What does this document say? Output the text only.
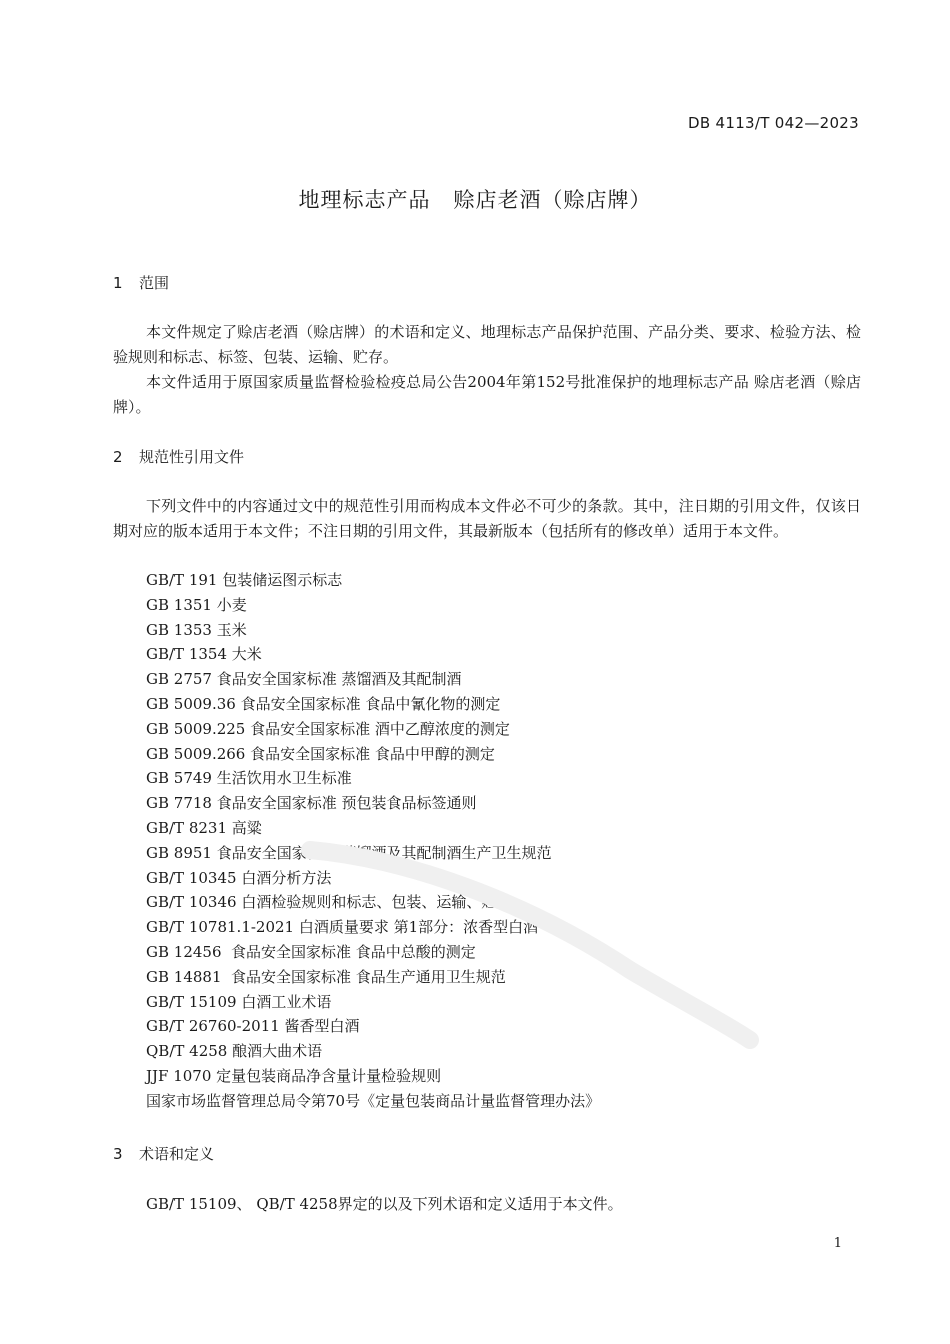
DB 4113/T 042—2023
地理标志产品   赊店老酒（赊店牌）
1 范围

本文件规定了赊店老酒（赊店牌）的术语和定义、地理标志产品保护范围、产品分类、要求、检验方法、检验规则和标志、标签、包装、运输、贮存。

本文件适用于原国家质量监督检验检疫总局公告2004年第152号批准保护的地理标志产品 赊店老酒（赊店牌）。

2 规范性引用文件

下列文件中的内容通过文中的规范性引用而构成本文件必不可少的条款。其中，注日期的引用文件，仅该日期对应的版本适用于本文件；不注日期的引用文件，其最新版本（包括所有的修改单）适用于本文件。

GB/T 191 包装储运图示标志
GB 1351 小麦
GB 1353 玉米
GB/T 1354 大米
GB 2757 食品安全国家标准 蒸馏酒及其配制酒
GB 5009.36 食品安全国家标准 食品中氰化物的测定
GB 5009.225 食品安全国家标准 酒中乙醇浓度的测定
GB 5009.266 食品安全国家标准 食品中甲醇的测定
GB 5749 生活饮用水卫生标准
GB 7718 食品安全国家标准 预包装食品标签通则
GB/T 8231 高粱
GB 8951 食品安全国家标准 蒸馏酒及其配制酒生产卫生规范
GB/T 10345 白酒分析方法
GB/T 10346 白酒检验规则和标志、包装、运输、贮存
GB/T 10781.1-2021 白酒质量要求 第1部分：浓香型白酒
GB 12456  食品安全国家标准 食品中总酸的测定
GB 14881  食品安全国家标准 食品生产通用卫生规范
GB/T 15109 白酒工业术语
GB/T 26760-2011 酱香型白酒
QB/T 4258 酿酒大曲术语
JJF 1070 定量包装商品净含量计量检验规则
国家市场监督管理总局令第70号《定量包装商品计量监督管理办法》
3 术语和定义

GB/T 15109、 QB/T 4258界定的以及下列术语和定义适用于本文件。

1
